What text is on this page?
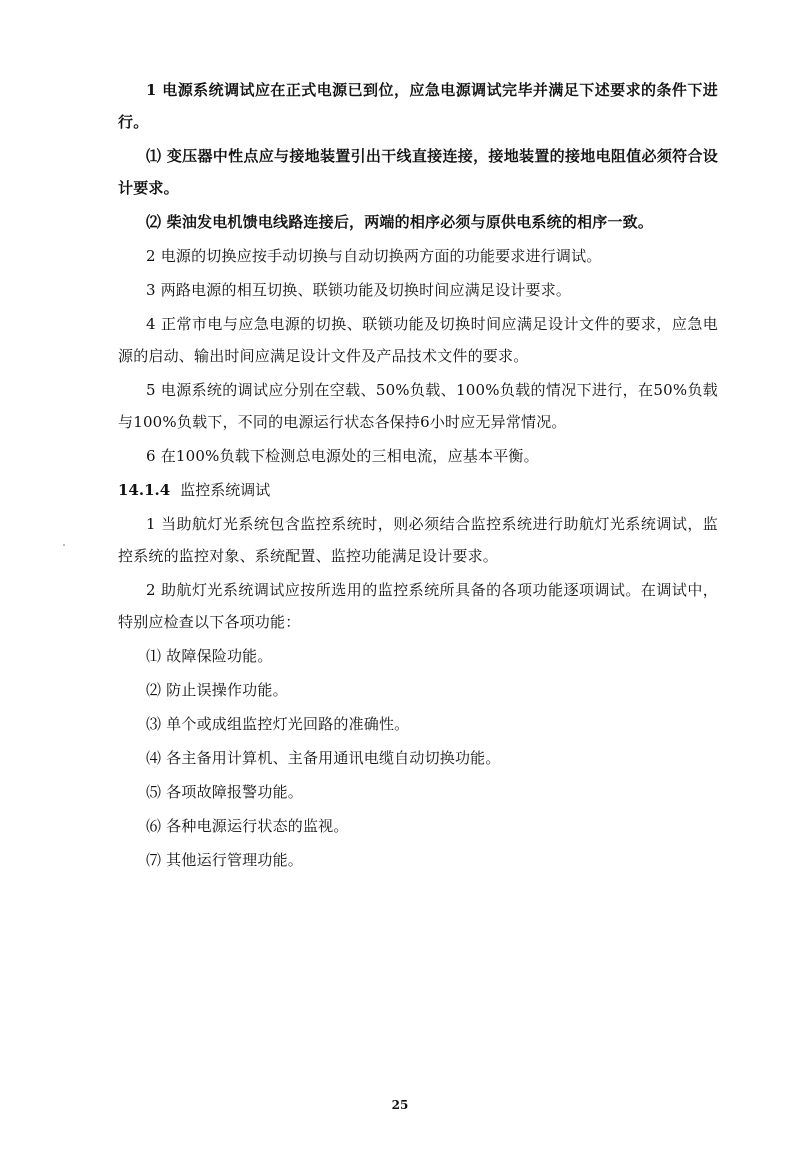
1 电源系统调试应在正式电源已到位，应急电源调试完毕并满足下述要求的条件下进行。

⑴ 变压器中性点应与接地装置引出干线直接连接，接地装置的接地电阻值必须符合设计要求。

⑵ 柴油发电机馈电线路连接后，两端的相序必须与原供电系统的相序一致。

2 电源的切换应按手动切换与自动切换两方面的功能要求进行调试。

3 两路电源的相互切换、联锁功能及切换时间应满足设计要求。

4 正常市电与应急电源的切换、联锁功能及切换时间应满足设计文件的要求，应急电源的启动、输出时间应满足设计文件及产品技术文件的要求。

5 电源系统的调试应分别在空载、50%负载、100%负载的情况下进行，在50%负载与100%负载下，不同的电源运行状态各保持6小时应无异常情况。

6 在100%负载下检测总电源处的三相电流，应基本平衡。

14.1.4 监控系统调试

1 当助航灯光系统包含监控系统时，则必须结合监控系统进行助航灯光系统调试，监控系统的监控对象、系统配置、监控功能满足设计要求。

2 助航灯光系统调试应按所选用的监控系统所具备的各项功能逐项调试。在调试中，特别应检查以下各项功能：

⑴ 故障保险功能。

⑵ 防止误操作功能。

⑶ 单个或成组监控灯光回路的准确性。

⑷ 各主备用计算机、主备用通讯电缆自动切换功能。

⑸ 各项故障报警功能。

⑹ 各种电源运行状态的监视。

⑺ 其他运行管理功能。

25
